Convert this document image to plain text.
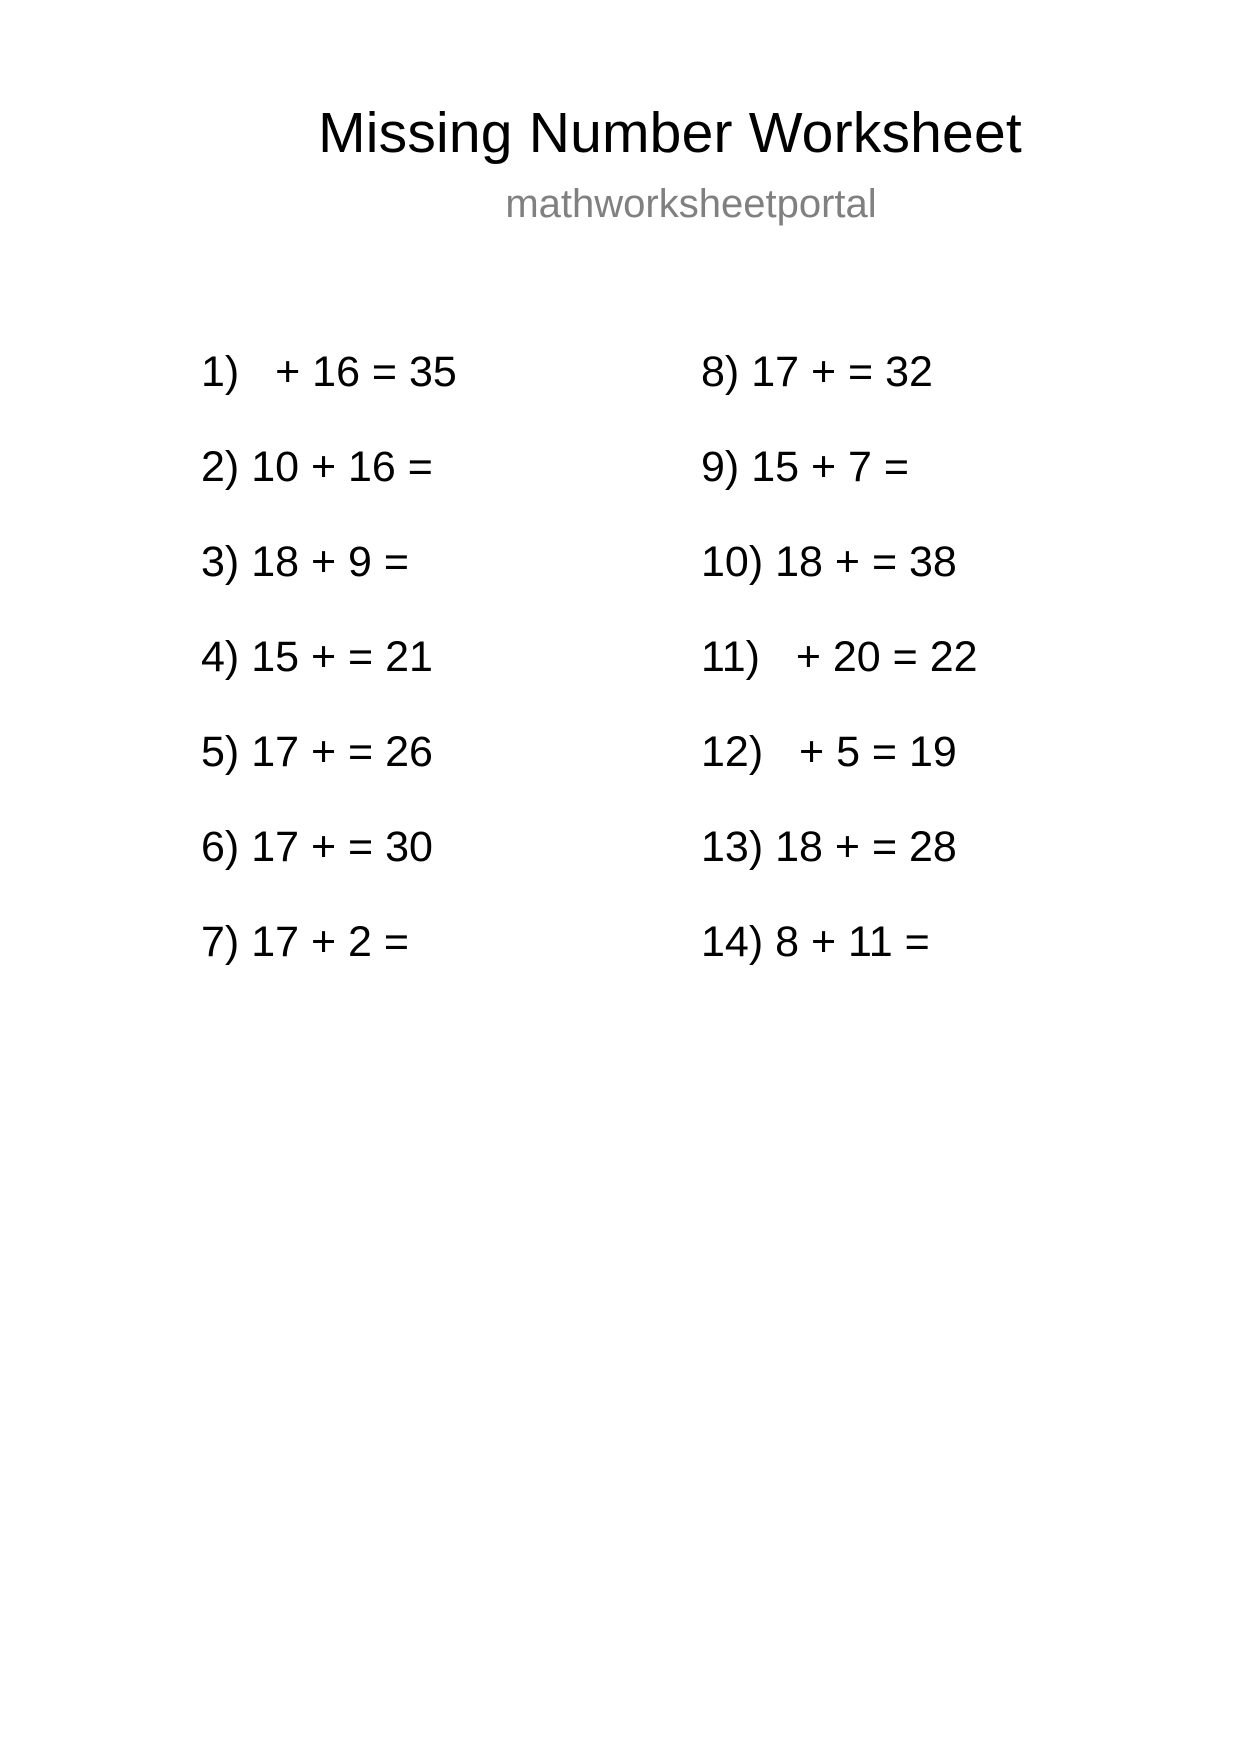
Missing Number Worksheet
mathworksheetportal
1)   + 16 = 35
2) 10 + 16 =
3) 18 + 9 =
4) 15 + = 21
5) 17 + = 26
6) 17 + = 30
7) 17 + 2 =
8) 17 + = 32
9) 15 + 7 =
10) 18 + = 38
11)   + 20 = 22
12)   + 5 = 19
13) 18 + = 28
14) 8 + 11 =
